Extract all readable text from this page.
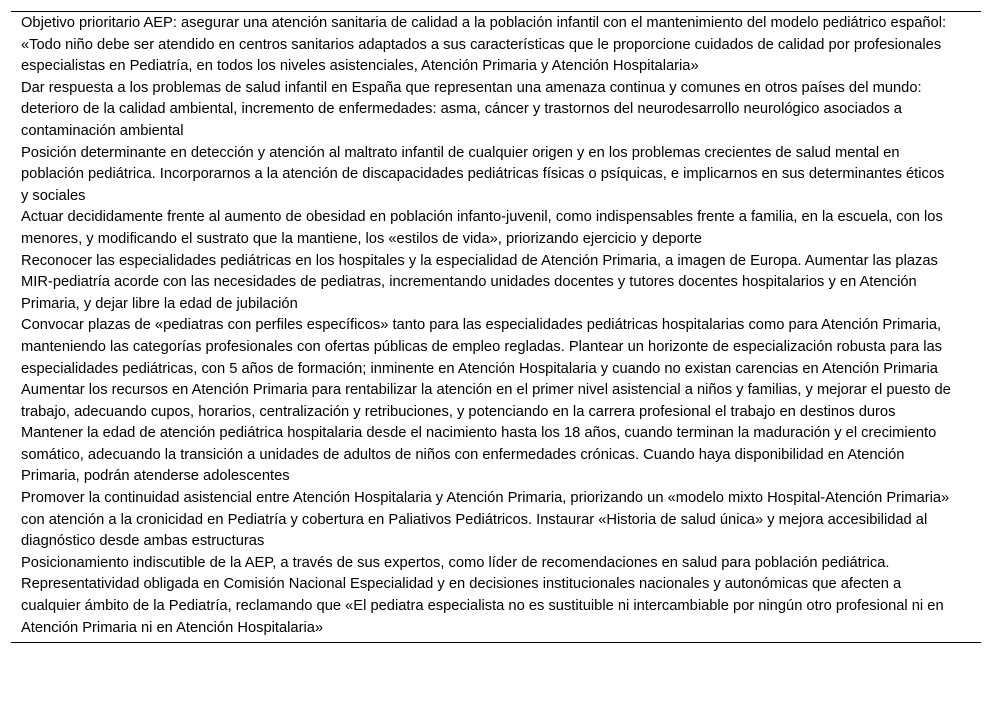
Objetivo prioritario AEP: asegurar una atención sanitaria de calidad a la población infantil con el mantenimiento del modelo pediátrico español: «Todo niño debe ser atendido en centros sanitarios adaptados a sus características que le proporcione cuidados de calidad por profesionales especialistas en Pediatría, en todos los niveles asistenciales, Atención Primaria y Atención Hospitalaria»
Dar respuesta a los problemas de salud infantil en España que representan una amenaza continua y comunes en otros países del mundo: deterioro de la calidad ambiental, incremento de enfermedades: asma, cáncer y trastornos del neurodesarrollo neurológico asociados a contaminación ambiental
Posición determinante en detección y atención al maltrato infantil de cualquier origen y en los problemas crecientes de salud mental en población pediátrica. Incorporarnos a la atención de discapacidades pediátricas físicas o psíquicas, e implicarnos en sus determinantes éticos y sociales
Actuar decididamente frente al aumento de obesidad en población infanto-juvenil, como indispensables frente a familia, en la escuela, con los menores, y modificando el sustrato que la mantiene, los «estilos de vida», priorizando ejercicio y deporte
Reconocer las especialidades pediátricas en los hospitales y la especialidad de Atención Primaria, a imagen de Europa. Aumentar las plazas MIR-pediatría acorde con las necesidades de pediatras, incrementando unidades docentes y tutores docentes hospitalarios y en Atención Primaria, y dejar libre la edad de jubilación
Convocar plazas de «pediatras con perfiles específicos» tanto para las especialidades pediátricas hospitalarias como para Atención Primaria, manteniendo las categorías profesionales con ofertas públicas de empleo regladas. Plantear un horizonte de especialización robusta para las especialidades pediátricas, con 5 años de formación; inminente en Atención Hospitalaria y cuando no existan carencias en Atención Primaria
Aumentar los recursos en Atención Primaria para rentabilizar la atención en el primer nivel asistencial a niños y familias, y mejorar el puesto de trabajo, adecuando cupos, horarios, centralización y retribuciones, y potenciando en la carrera profesional el trabajo en destinos duros
Mantener la edad de atención pediátrica hospitalaria desde el nacimiento hasta los 18 años, cuando terminan la maduración y el crecimiento somático, adecuando la transición a unidades de adultos de niños con enfermedades crónicas. Cuando haya disponibilidad en Atención Primaria, podrán atenderse adolescentes
Promover la continuidad asistencial entre Atención Hospitalaria y Atención Primaria, priorizando un «modelo mixto Hospital-Atención Primaria» con atención a la cronicidad en Pediatría y cobertura en Paliativos Pediátricos. Instaurar «Historia de salud única» y mejora accesibilidad al diagnóstico desde ambas estructuras
Posicionamiento indiscutible de la AEP, a través de sus expertos, como líder de recomendaciones en salud para población pediátrica. Representatividad obligada en Comisión Nacional Especialidad y en decisiones institucionales nacionales y autonómicas que afecten a cualquier ámbito de la Pediatría, reclamando que «El pediatra especialista no es sustituible ni intercambiable por ningún otro profesional ni en Atención Primaria ni en Atención Hospitalaria»
